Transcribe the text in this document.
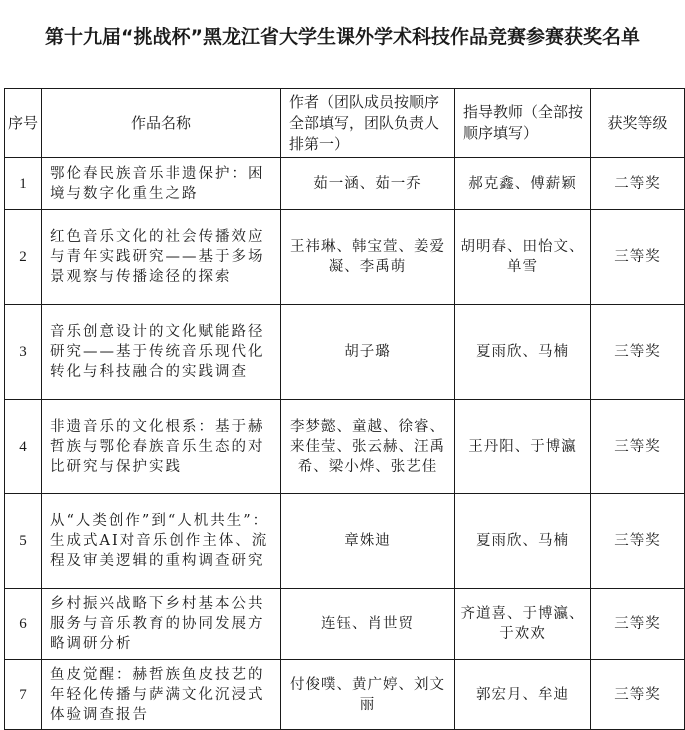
第十九届“挑战杯”黑龙江省大学生课外学术科技作品竞赛参赛获奖名单
序号	作品名称	作者（团队成员按顺序全部填写，团队负责人排第一）	指导教师（全部按顺序填写）	获奖等级
1	鄂伦春民族音乐非遗保护：困境与数字化重生之路	茹一涵、茹一乔	郝克鑫、傅薪颖	二等奖
2	红色音乐文化的社会传播效应与青年实践研究——基于多场景观察与传播途径的探索	王祎琳、韩宝萱、姜爱凝、李禹萌	胡明春、田怡文、单雪	三等奖
3	音乐创意设计的文化赋能路径研究——基于传统音乐现代化转化与科技融合的实践调查	胡子璐	夏雨欣、马楠	三等奖
4	非遗音乐的文化根系：基于赫哲族与鄂伦春族音乐生态的对比研究与保护实践	李梦懿、童越、徐睿、来佳莹、张云赫、汪禹希、梁小烨、张艺佳	王丹阳、于博瀛	三等奖
5	从“人类创作”到“人机共生”：生成式AI对音乐创作主体、流程及审美逻辑的重构调查研究	章姝迪	夏雨欣、马楠	三等奖
6	乡村振兴战略下乡村基本公共服务与音乐教育的协同发展方略调研分析	连钰、肖世贸	齐道喜、于博瀛、于欢欢	三等奖
7	鱼皮觉醒：赫哲族鱼皮技艺的年轻化传播与萨满文化沉浸式体验调查报告	付俊噗、黄广婷、刘文丽	郭宏月、牟迪	三等奖
